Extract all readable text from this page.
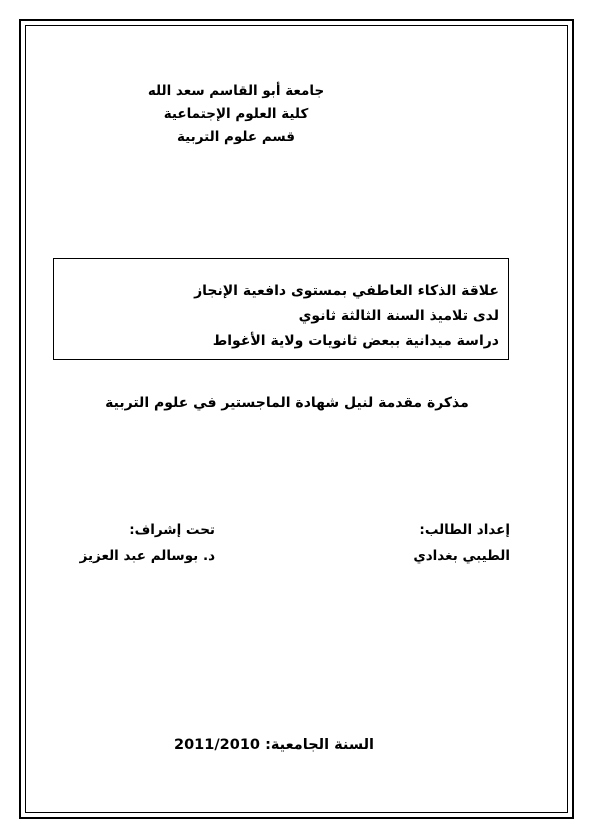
جامعة أبو القاسم سعد الله
كلية العلوم الإجتماعية
قسم علوم التربية
علاقة الذكاء العاطفي بمستوى دافعية الإنجاز
لدى تلاميذ السنة الثالثة ثانوي
دراسة ميدانية ببعض ثانويات ولاية الأغواط
مذكرة مقدمة لنيل شهادة الماجستير في علوم التربية
إعداد الطالب:
الطيبي بغدادي
تحت إشراف:
د. بوسالم عبد العزيز
السنة الجامعية: 2011/2010
